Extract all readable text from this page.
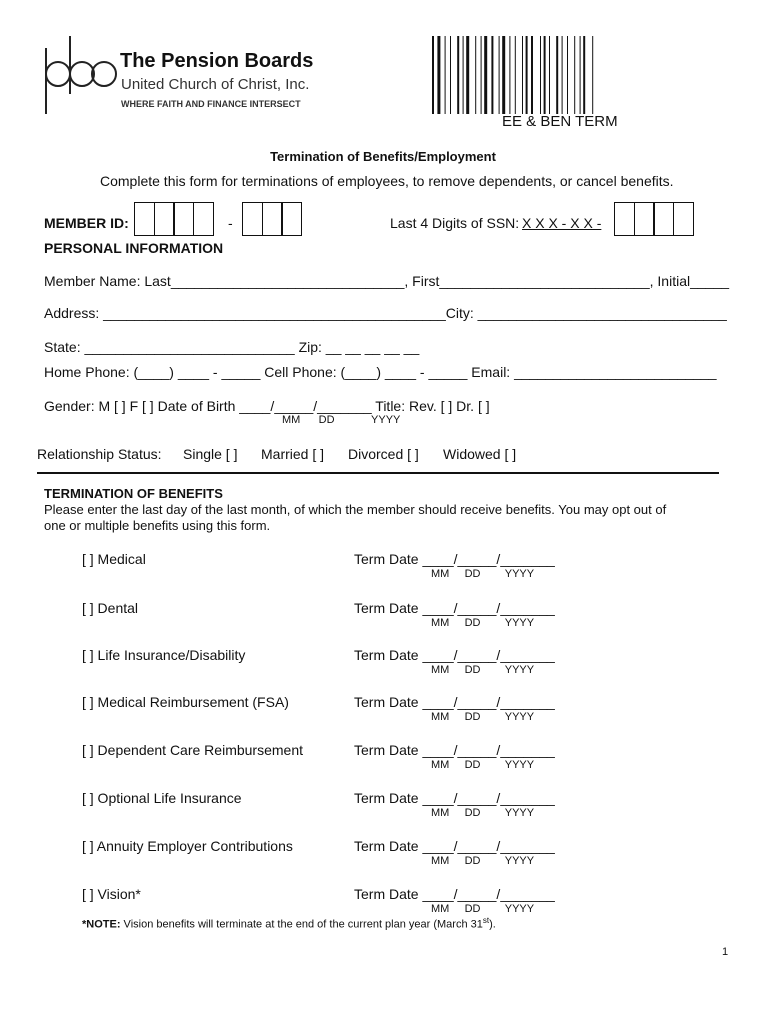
The Pension Boards
United Church of Christ, Inc.
WHERE FAITH AND FINANCE INTERSECT
EE & BEN TERM
Termination of Benefits/Employment
Complete this form for terminations of employees, to remove dependents, or cancel benefits.
MEMBER ID:	-	Last 4 Digits of SSN: X X X - X X -
PERSONAL INFORMATION
Member Name: Last______________________________, First___________________________, Initial_____
Address: ____________________________________________City: ________________________________
State: ___________________________ Zip: __ __ __ __ __
Home Phone: (____) ____ - _____ Cell Phone: (____) ____ - _____ Email: __________________________
Gender: M [ ] F [ ] Date of Birth ____/_____/_______ Title: Rev. [ ] Dr. [ ]
MM      DD            YYYY
Relationship Status: Single [ ] Married [ ] Divorced [ ] Widowed [ ]
TERMINATION OF BENEFITS
Please enter the last day of the last month, of which the member should receive benefits. You may opt out of
one or multiple benefits using this form.
[ ] Medical	Term Date ____/_____/_______
MM     DD        YYYY
[ ] Dental	Term Date ____/_____/_______
MM     DD        YYYY
[ ] Life Insurance/Disability	Term Date ____/_____/_______
MM     DD        YYYY
[ ] Medical Reimbursement (FSA)	Term Date ____/_____/_______
MM     DD        YYYY
[ ] Dependent Care Reimbursement	Term Date ____/_____/_______
MM     DD        YYYY
[ ] Optional Life Insurance	Term Date ____/_____/_______
MM     DD        YYYY
[ ] Annuity Employer Contributions	Term Date ____/_____/_______
MM     DD        YYYY
[ ] Vision*	Term Date ____/_____/_______
MM     DD        YYYY
*NOTE: Vision benefits will terminate at the end of the current plan year (March 31st).
1
